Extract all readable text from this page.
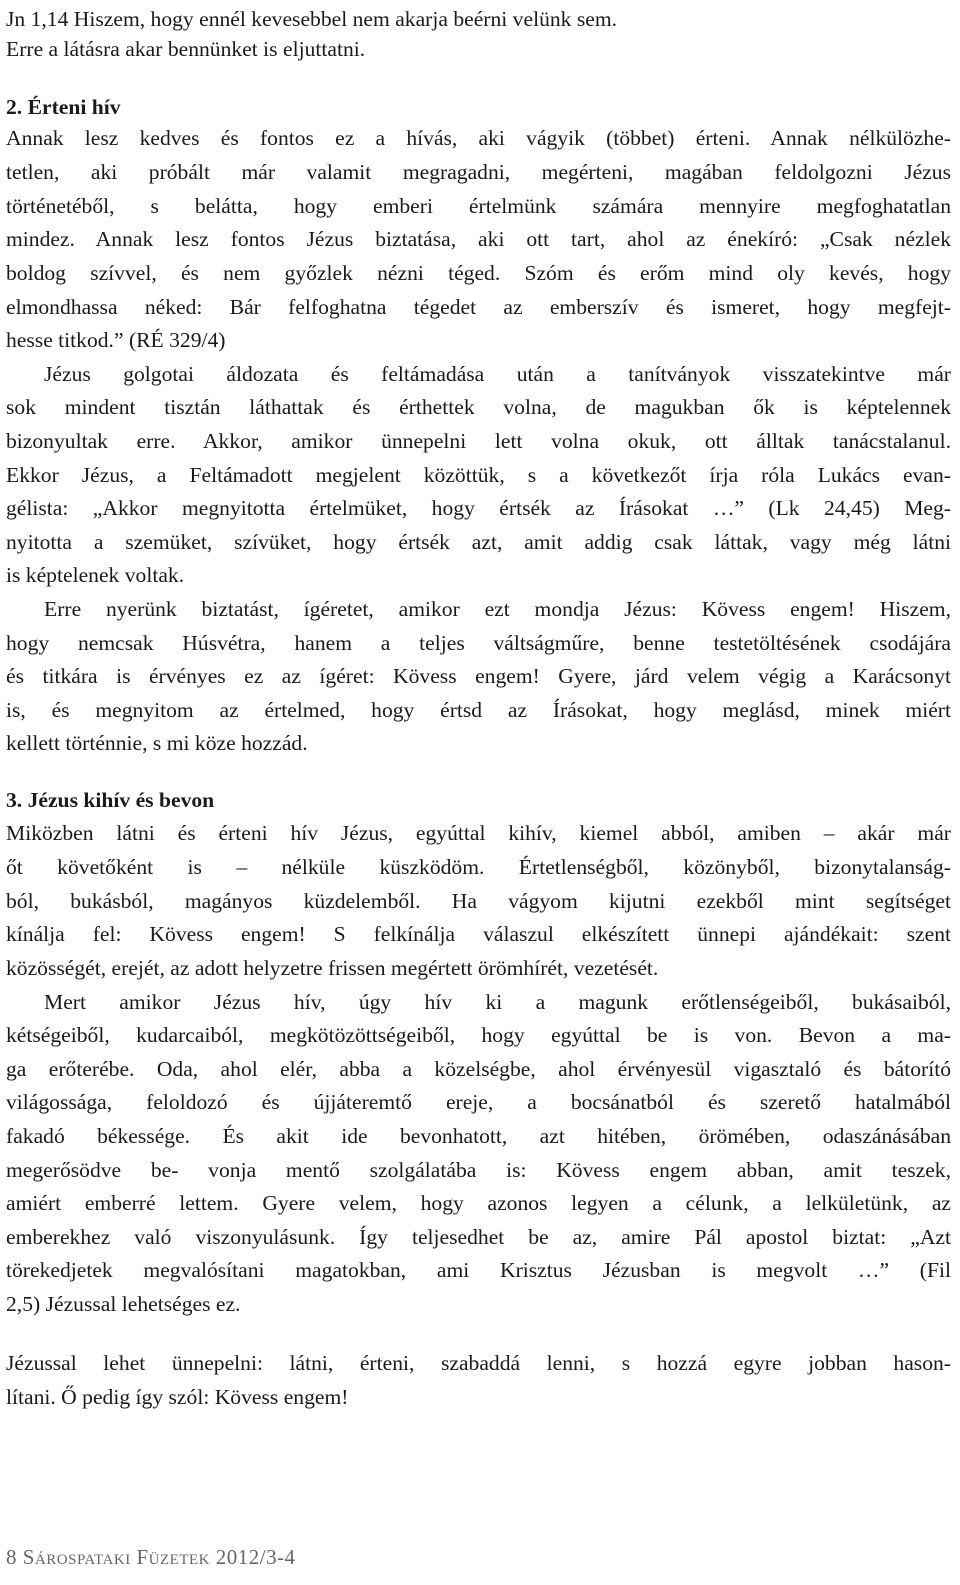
Jn 1,14 Hiszem, hogy ennél kevesebbel nem akarja beérni velünk sem.
Erre a látásra akar bennünket is eljuttatni.
2. Érteni hív
Annak lesz kedves és fontos ez a hívás, aki vágyik (többet) érteni. Annak nélkülözhe-
tetlen, aki próbált már valamit megragadni, megérteni, magában feldolgozni Jézus
történetéből, s belátta, hogy emberi értelmünk számára mennyire megfoghatatlan
mindez. Annak lesz fontos Jézus biztatása, aki ott tart, ahol az énekíró: „Csak nézlek
boldog szívvel, és nem győzlek nézni téged. Szóm és erőm mind oly kevés, hogy
elmondhassa néked: Bár felfoghatna tégedet az emberszív és ismeret, hogy megfejt-
hesse titkod.” (RÉ 329/4)
Jézus golgotai áldozata és feltámadása után a tanítványok visszatekintve már
sok mindent tisztán láthattak és érthettek volna, de magukban ők is képtelennek
bizonyultak erre. Akkor, amikor ünnepelni lett volna okuk, ott álltak tanácstalanul.
Ekkor Jézus, a Feltámadott megjelent közöttük, s a következőt írja róla Lukács evan-
gélista: „Akkor megnyitotta értelmüket, hogy értsék az Írásokat …” (Lk 24,45) Meg-
nyitotta a szemüket, szívüket, hogy értsék azt, amit addig csak láttak, vagy még látni
is képtelenek voltak.
Erre nyerünk biztatást, ígéretet, amikor ezt mondja Jézus: Kövess engem! Hiszem,
hogy nemcsak Húsvétra, hanem a teljes váltságműre, benne testetöltésének csodájára
és titkára is érvényes ez az ígéret: Kövess engem! Gyere, járd velem végig a Karácsonyt
is, és megnyitom az értelmed, hogy értsd az Írásokat, hogy meglásd, minek miért
kellett történnie, s mi köze hozzád.
3. Jézus kihív és bevon
Miközben látni és érteni hív Jézus, egyúttal kihív, kiemel abból, amiben – akár már
őt követőként is – nélküle küszködöm. Értetlenségből, közönyből, bizonytalanság-
ból, bukásból, magányos küzdelemből. Ha vágyom kijutni ezekből mint segítséget
kínálja fel: Kövess engem! S felkínálja válaszul elkészített ünnepi ajándékait: szent
közösségét, erejét, az adott helyzetre frissen megértett örömhírét, vezetését.
Mert amikor Jézus hív, úgy hív ki a magunk erőtlenségeiből, bukásaiból,
kétségeiből, kudarcaiból, megkötözöttségeiből, hogy egyúttal be is von. Bevon a ma-
ga erőterébe. Oda, ahol elér, abba a közelségbe, ahol érvényesül vigasztaló és bátorító
világossága, feloldozó és újjáteremtő ereje, a bocsánatból és szerető hatalmából
fakadó békessége. És akit ide bevonhatott, azt hitében, örömében, odaszánásában
megerősödve be- vonja mentő szolgálatába is: Kövess engem abban, amit teszek,
amiért emberré lettem. Gyere velem, hogy azonos legyen a célunk, a lelkületünk, az
emberekhez való viszonyulásunk. Így teljesedhet be az, amire Pál apostol biztat: „Azt
törekedjetek megvalósítani magatokban, ami Krisztus Jézusban is megvolt …” (Fil
2,5) Jézussal lehetséges ez.
Jézussal lehet ünnepelni: látni, érteni, szabaddá lenni, s hozzá egyre jobban hason-
lítani. Ő pedig így szól: Kövess engem!
8 Sárospataki Füzetek 2012/3-4
